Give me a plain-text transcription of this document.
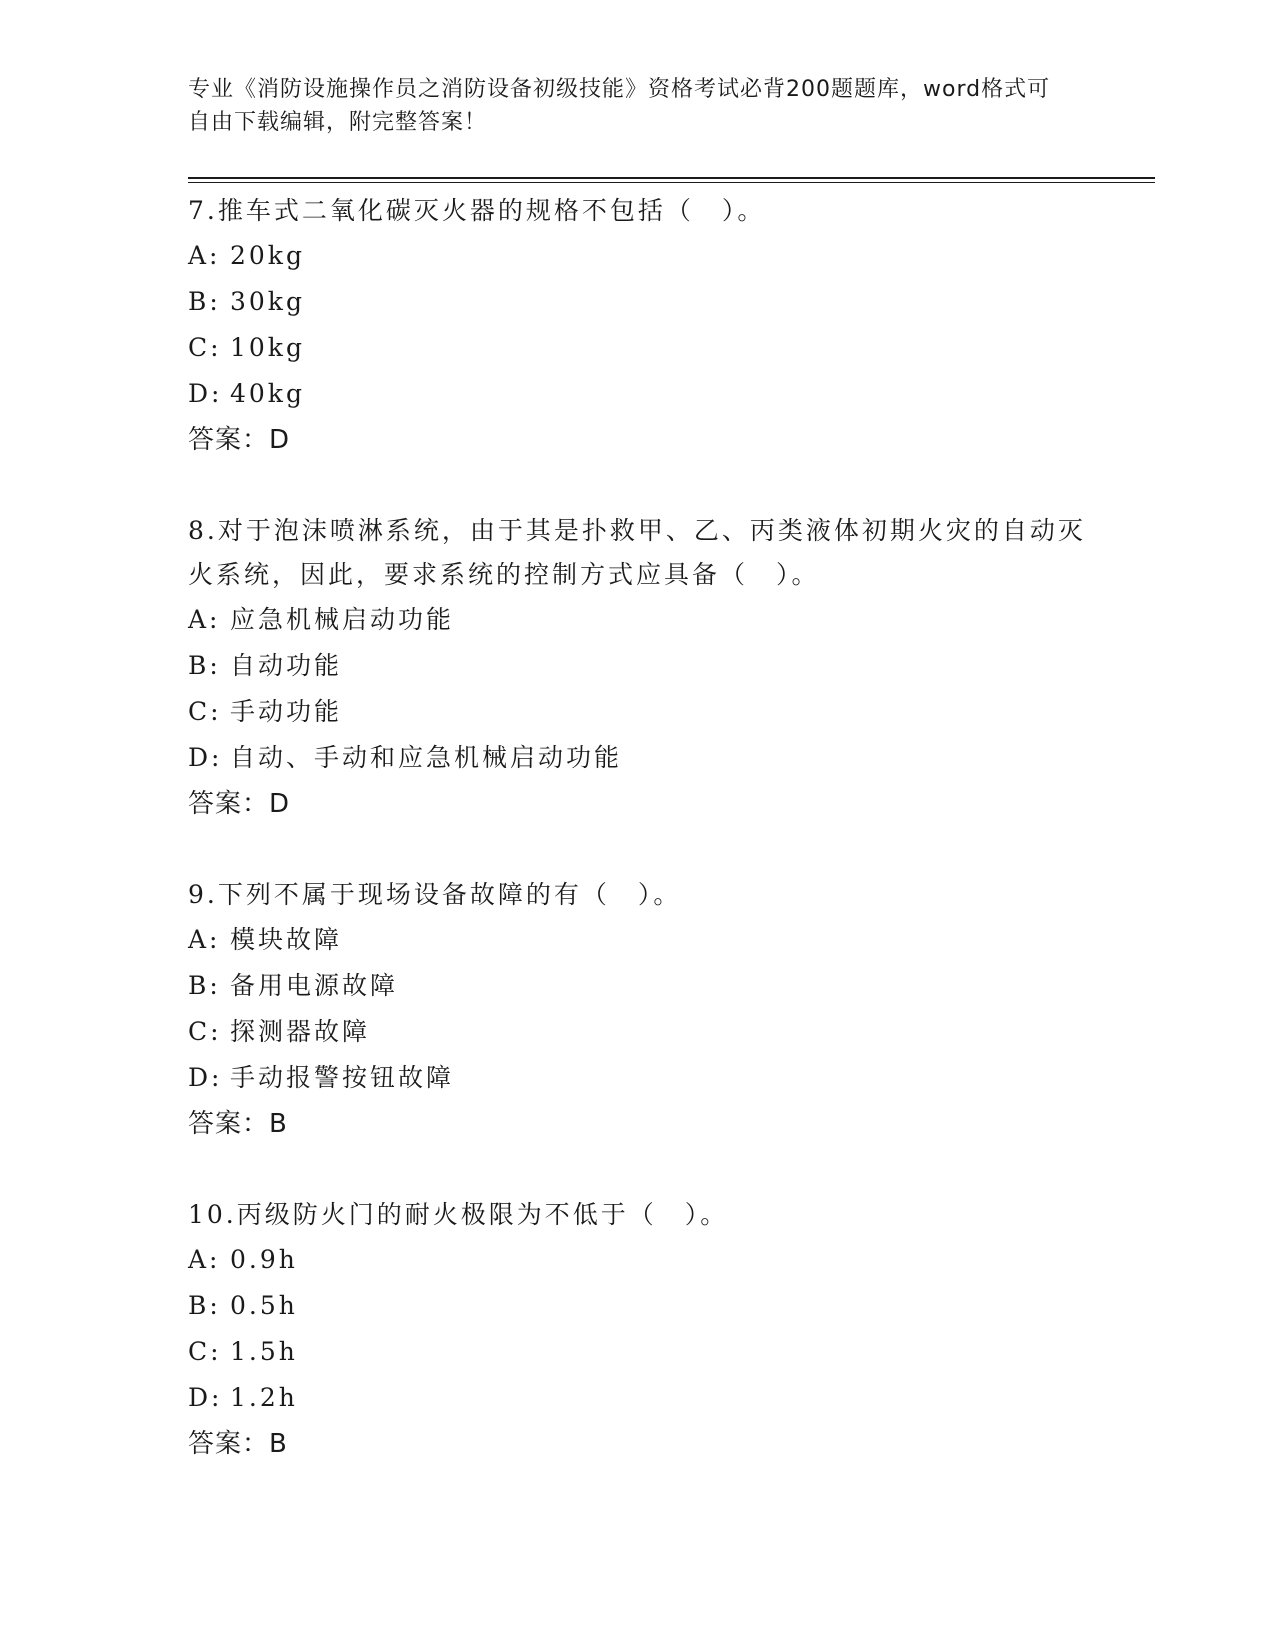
专业《消防设施操作员之消防设备初级技能》资格考试必背200题题库，word格式可自由下载编辑，附完整答案！

7.推车式二氧化碳灭火器的规格不包括（　）。

A: 20kg

B: 30kg

C: 10kg

D: 40kg

答案：D

8.对于泡沫喷淋系统，由于其是扑救甲、乙、丙类液体初期火灾的自动灭火系统，因此，要求系统的控制方式应具备（　）。

A: 应急机械启动功能

B: 自动功能

C: 手动功能

D: 自动、手动和应急机械启动功能

答案：D

9.下列不属于现场设备故障的有（　）。

A: 模块故障

B: 备用电源故障

C: 探测器故障

D: 手动报警按钮故障

答案：B

10.丙级防火门的耐火极限为不低于（　）。

A: 0.9h

B: 0.5h

C: 1.5h

D: 1.2h

答案：B
